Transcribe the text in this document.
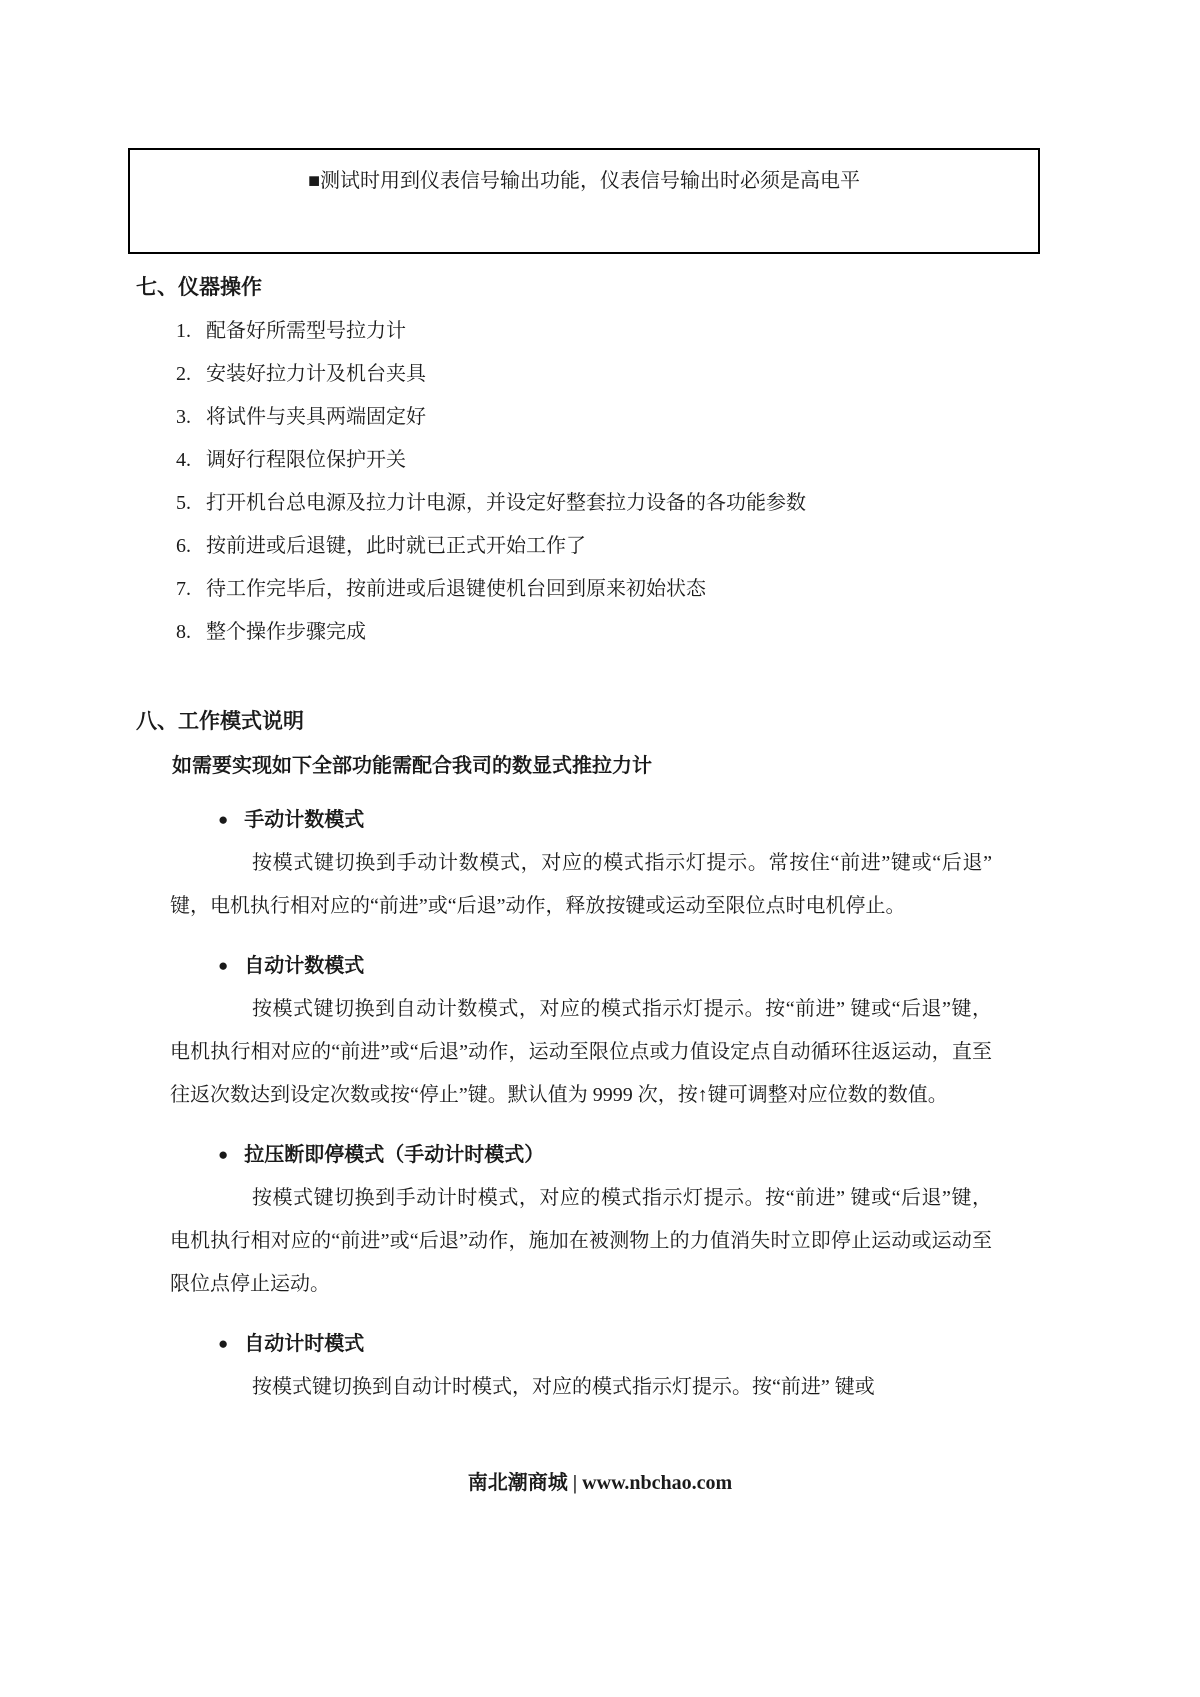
■测试时用到仪表信号输出功能，仪表信号输出时必须是高电平
七、仪器操作
1. 配备好所需型号拉力计
2. 安装好拉力计及机台夹具
3. 将试件与夹具两端固定好
4. 调好行程限位保护开关
5. 打开机台总电源及拉力计电源，并设定好整套拉力设备的各功能参数
6. 按前进或后退键，此时就已正式开始工作了
7. 待工作完毕后，按前进或后退键使机台回到原来初始状态
8. 整个操作步骤完成
八、工作模式说明
如需要实现如下全部功能需配合我司的数显式推拉力计
● 手动计数模式

按模式键切换到手动计数模式，对应的模式指示灯提示。常按住“前进”键或“后退” 键，电机执行相对应的“前进”或“后退”动作，释放按键或运动至限位点时电机停止。

● 自动计数模式

按模式键切换到自动计数模式，对应的模式指示灯提示。按“前进” 键或“后退”键，电机执行相对应的“前进”或“后退”动作，运动至限位点或力值设定点自动循环往返运动，直至往返次数达到设定次数或按“停止”键。默认值为 9999 次，按↑键可调整对应位数的数值。

● 拉压断即停模式（手动计时模式）

按模式键切换到手动计时模式，对应的模式指示灯提示。按“前进” 键或“后退”键，电机执行相对应的“前进”或“后退”动作，施加在被测物上的力值消失时立即停止运动或运动至限位点停止运动。

● 自动计时模式

按模式键切换到自动计时模式，对应的模式指示灯提示。按“前进” 键或

南北潮商城 | www.nbchao.com
